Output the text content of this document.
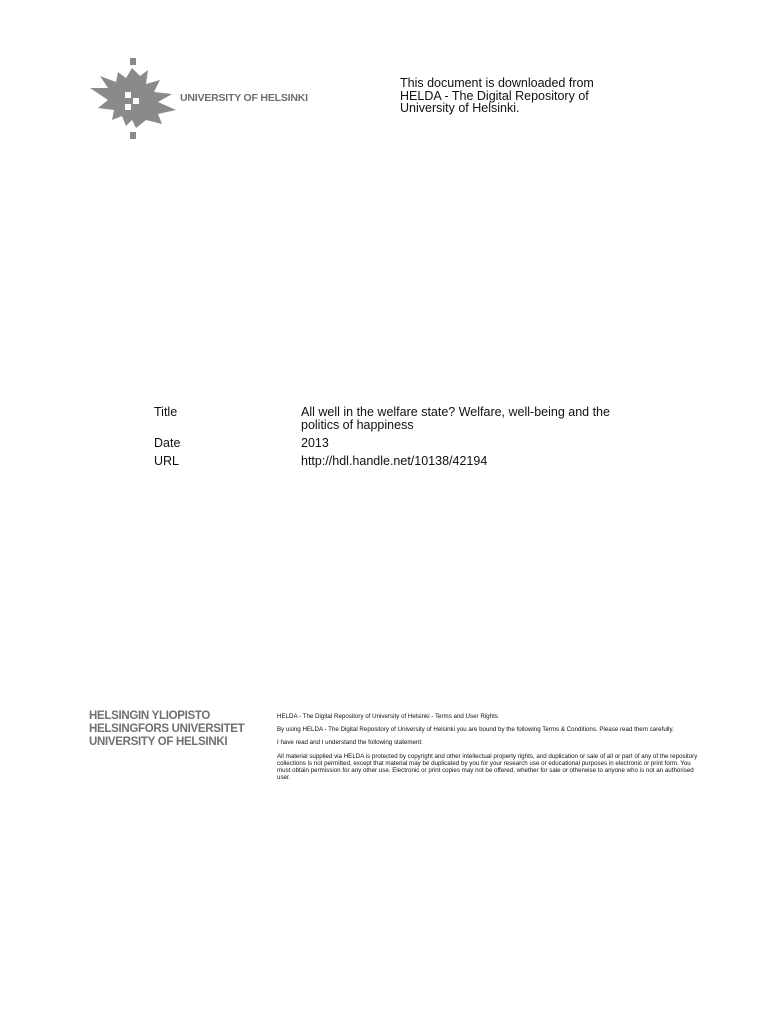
UNIVERSITY OF HELSINKI
This document is downloaded from
HELDA - The Digital Repository of
University of Helsinki.
Title	All well in the welfare state? Welfare, well-being and the politics of happiness
Date	2013
URL	http://hdl.handle.net/10138/42194
HELSINGIN YLIOPISTO
HELSINGFORS UNIVERSITET
UNIVERSITY OF HELSINKI

HELDA - The Digital Repository of University of Helsinki - Terms and User Rights

By using HELDA - The Digital Repository of University of Helsinki you are bound by the following Terms & Conditions. Please read them carefully.

I have read and I understand the following statement:

All material supplied via HELDA is protected by copyright and other intellectual property rights, and duplication or sale of all or part of any of the repository collections is not permitted, except that material may be duplicated by you for your research use or educational purposes in electronic or print form. You must obtain permission for any other use. Electronic or print copies may not be offered, whether for sale or otherwise to anyone who is not an authorised user.
